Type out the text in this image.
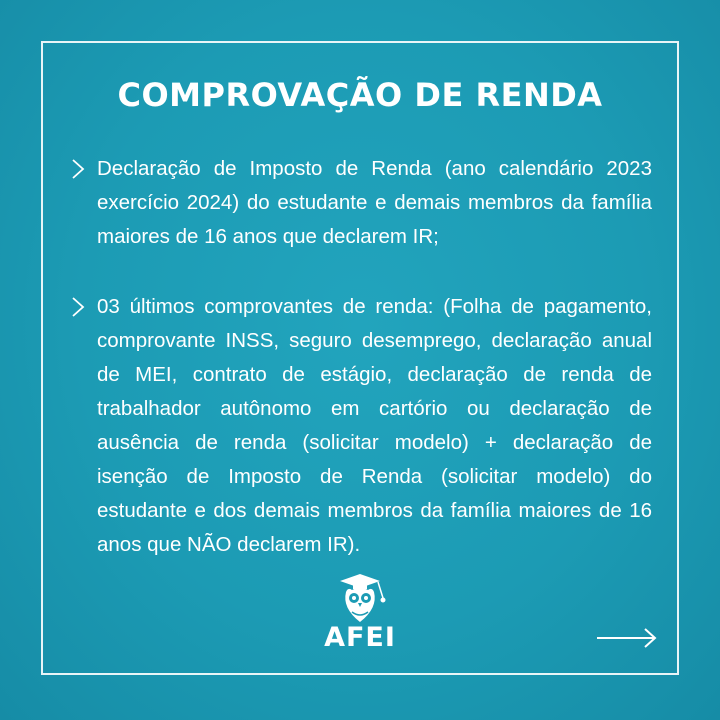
COMPROVAÇÃO DE RENDA
Declaração de Imposto de Renda (ano calendário 2023 exercício 2024) do estudante e demais membros da família maiores de 16 anos que declarem IR;
03 últimos comprovantes de renda: (Folha de pagamento, comprovante INSS, seguro desemprego, declaração anual de MEI, contrato de estágio, declaração de renda de trabalhador autônomo em cartório ou declaração de ausência de renda (solicitar modelo) + declaração de isenção de Imposto de Renda (solicitar modelo) do estudante e dos demais membros da família maiores de 16 anos que NÃO declarem IR).
AFEI
